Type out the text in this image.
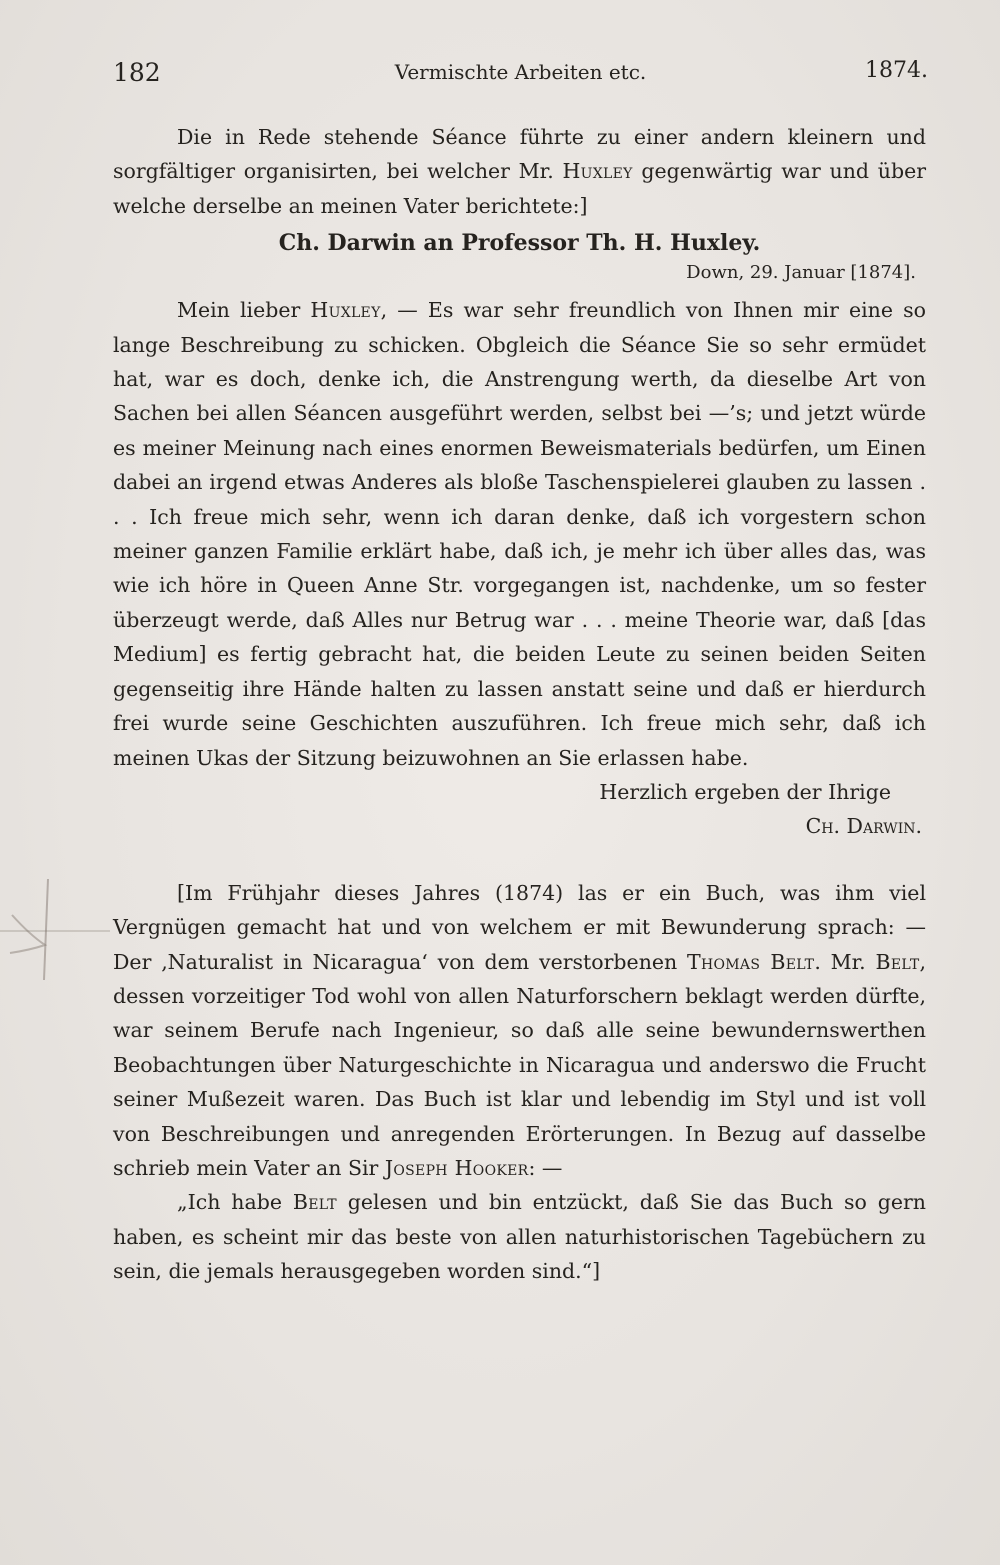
182	Vermischte Arbeiten etc.	1874.

Die in Rede stehende Séance führte zu einer andern kleinern und sorgfältiger organisirten, bei welcher Mr. Huxley gegenwärtig war und über welche derselbe an meinen Vater berichtete:]

Ch. Darwin an Professor Th. H. Huxley.
Down, 29. Januar [1874].

Mein lieber Huxley, — Es war sehr freundlich von Ihnen mir eine so lange Beschreibung zu schicken. Obgleich die Séance Sie so sehr ermüdet hat, war es doch, denke ich, die Anstrengung werth, da dieselbe Art von Sachen bei allen Séancen ausgeführt werden, selbst bei —’s; und jetzt würde es meiner Meinung nach eines enormen Beweismaterials bedürfen, um Einen dabei an irgend etwas Anderes als bloße Taschenspielerei glauben zu lassen . . . Ich freue mich sehr, wenn ich daran denke, daß ich vorgestern schon meiner ganzen Familie erklärt habe, daß ich, je mehr ich über alles das, was wie ich höre in Queen Anne Str. vorgegangen ist, nachdenke, um so fester überzeugt werde, daß Alles nur Betrug war . . . meine Theorie war, daß [das Medium] es fertig gebracht hat, die beiden Leute zu seinen beiden Seiten gegenseitig ihre Hände halten zu lassen anstatt seine und daß er hierdurch frei wurde seine Geschichten auszuführen. Ich freue mich sehr, daß ich meinen Ukas der Sitzung beizuwohnen an Sie erlassen habe.

Herzlich ergeben der Ihrige
Ch. Darwin.

[Im Frühjahr dieses Jahres (1874) las er ein Buch, was ihm viel Vergnügen gemacht hat und von welchem er mit Bewunderung sprach: — Der ‚Naturalist in Nicaragua‘ von dem verstorbenen Thomas Belt. Mr. Belt, dessen vorzeitiger Tod wohl von allen Naturforschern beklagt werden dürfte, war seinem Berufe nach Ingenieur, so daß alle seine bewundernswerthen Beobachtungen über Naturgeschichte in Nicaragua und anderswo die Frucht seiner Mußezeit waren. Das Buch ist klar und lebendig im Styl und ist voll von Beschreibungen und anregenden Erörterungen. In Bezug auf dasselbe schrieb mein Vater an Sir Joseph Hooker: —

„Ich habe Belt gelesen und bin entzückt, daß Sie das Buch so gern haben, es scheint mir das beste von allen naturhistorischen Tagebüchern zu sein, die jemals herausgegeben worden sind.“]
